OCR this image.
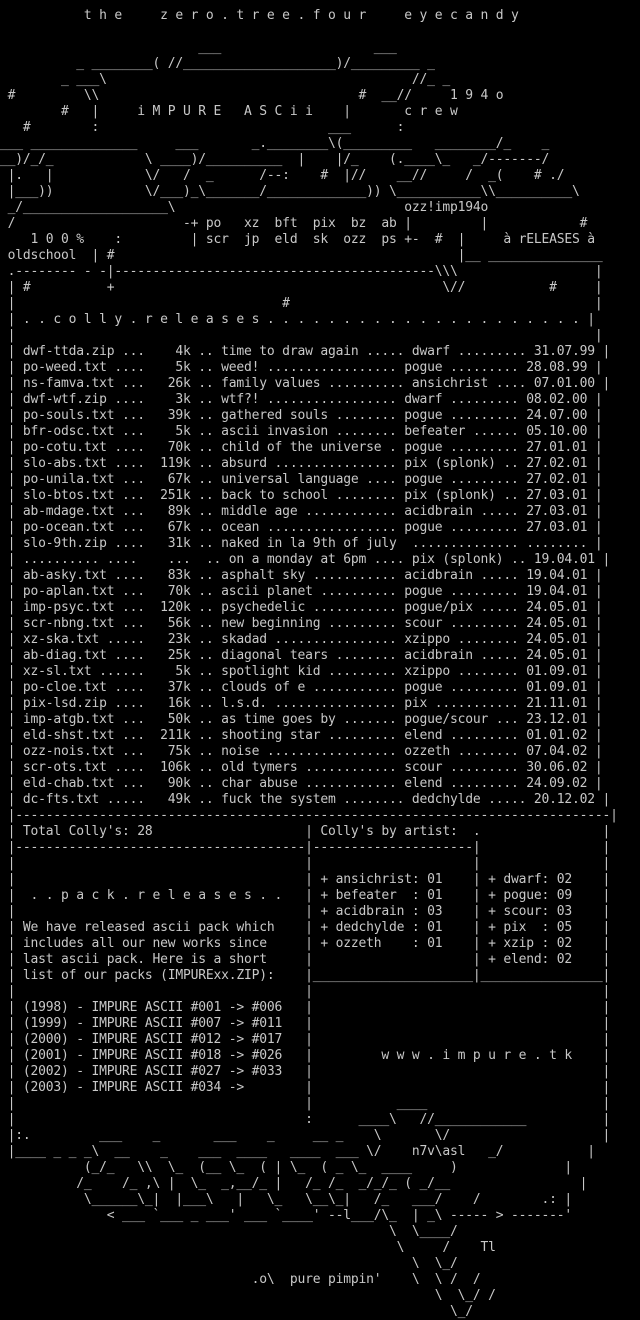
t h e     z e r o . t r e e . f o u r     e y e c a n d y
___                    ___
_ ________( //____________________)/_________ _
_ ___\                                        //_ _
#         \\                                  #  __//     1 9 4 o
#   |     i M P U R E   A S C i i    |       c r e w
#        :                              ___      :
___ ______________     ___       _.________\(_________   ________/_    _
__)/_/_            \ ____)/__________  |    |/_    (.____\_   _/-------/
|.   |            \/   /  _      /--:    #  |//    __//     /  _(    # ./
|___))            \/___)_\_______/_____________)) \___________\\__________\
_/___________________\                              ozz!imp194o
/                      -+ po   xz  bft  pix  bz  ab |         |            #
1 0 0 %    :         | scr  jp  eld  sk  ozz  ps +-  #  |     à rELEASES à
oldschool  | #                                             |__ _______________
.-------- - -|------------------------------------------\\\                  |
| #          +                                           \//           #     |
|                                   #                                        |
| . . c o l l y . r e l e a s e s . . . . . . . . . . . . . . . . . . . . . |
|                                                                            |
| dwf-ttda.zip ...    4k .. time to draw again ..... dwarf ......... 31.07.99 |
| po-weed.txt ....    5k .. weed! ................. pogue ......... 28.08.99 |
| ns-famva.txt ...   26k .. family values .......... ansichrist .... 07.01.00 |
| dwf-wtf.zip ....    3k .. wtf?! ................. dwarf ......... 08.02.00 |
| po-souls.txt ...   39k .. gathered souls ........ pogue ......... 24.07.00 |
| bfr-odsc.txt ...    5k .. ascii invasion ........ befeater ...... 05.10.00 |
| po-cotu.txt ....   70k .. child of the universe . pogue ......... 27.01.01 |
| slo-abs.txt ....  119k .. absurd ................ pix (splonk) .. 27.02.01 |
| po-unila.txt ...   67k .. universal language .... pogue ......... 27.02.01 |
| slo-btos.txt ...  251k .. back to school ........ pix (splonk) .. 27.03.01 |
| ab-mdage.txt ...   89k .. middle age ............ acidbrain ..... 27.03.01 |
| po-ocean.txt ...   67k .. ocean ................. pogue ......... 27.03.01 |
| slo-9th.zip ....   31k .. naked in la 9th of july  .............. ........ |
| .......... ....    ...  .. on a monday at 6pm .... pix (splonk) .. 19.04.01 |
| ab-asky.txt ....   83k .. asphalt sky ........... acidbrain ..... 19.04.01 |
| po-aplan.txt ...   70k .. ascii planet .......... pogue ......... 19.04.01 |
| imp-psyc.txt ...  120k .. psychedelic ........... pogue/pix ..... 24.05.01 |
| scr-nbng.txt ...   56k .. new beginning ......... scour ......... 24.05.01 |
| xz-ska.txt .....   23k .. skadad ................ xzippo ........ 24.05.01 |
| ab-diag.txt ....   25k .. diagonal tears ........ acidbrain ..... 24.05.01 |
| xz-sl.txt ......    5k .. spotlight kid ......... xzippo ........ 01.09.01 |
| po-cloe.txt ....   37k .. clouds of e ........... pogue ......... 01.09.01 |
| pix-lsd.zip ....   16k .. l.s.d. ................ pix ........... 21.11.01 |
| imp-atgb.txt ...   50k .. as time goes by ....... pogue/scour ... 23.12.01 |
| eld-shst.txt ...  211k .. shooting star ......... elend ......... 01.01.02 |
| ozz-nois.txt ...   75k .. noise ................. ozzeth ........ 07.04.02 |
| scr-ots.txt ....  106k .. old tymers ............ scour ......... 30.06.02 |
| eld-chab.txt ...   90k .. char abuse ............ elend ......... 24.09.02 |
| dc-fts.txt .....   49k .. fuck the system ........ dedchylde ..... 20.12.02 |
|------------------------------------------------------------------------------|
| Total Colly's: 28                    | Colly's by artist:  .                |
|--------------------------------------|---------------------|                |
|                                      |                     |                |
|                                      | + ansichrist: 01    | + dwarf: 02    |
|  . . p a c k . r e l e a s e s . .   | + befeater  : 01    | + pogue: 09    |
|                                      | + acidbrain : 03    | + scour: 03    |
| We have released ascii pack which    | + dedchylde : 01    | + pix  : 05    |
| includes all our new works since     | + ozzeth    : 01    | + xzip : 02    |
| last ascii pack. Here is a short     |                     | + elend: 02    |
| list of our packs (IMPURExx.ZIP):    |_____________________|________________|
|                                      |                                      |
| (1998) - IMPURE ASCII #001 -> #006   |                                      |
| (1999) - IMPURE ASCII #007 -> #011   |                                      |
| (2000) - IMPURE ASCII #012 -> #017   |                                      |
| (2001) - IMPURE ASCII #018 -> #026   |         w w w . i m p u r e . t k    |
| (2002) - IMPURE ASCII #027 -> #033   |                                      |
| (2003) - IMPURE ASCII #034 ->        |                                      |
|                                      |           ____                       |
|                                      :      ____\   //____________          |
|:.         ___    _       ___    _     __ _    \       \/                    |
|____ _ _ _\  __    _    ___  ____   ____  ___ \/    n7v\asl   _/           |
(_/_   \\  \_  (__ \_  ( | \_  ( _ \_  ____     )              |
/_    /_ ,\ |  \_  _,__/_ |   /_ /_  _/_/_ ( _/__                 |
\______\_|  |___\   |   \_   \__\_|   /_   ___/    /        .: |
< ___ `___ _ ___' ___ `____' --l___/\_  | _\ ----- > -------'
\  \____/
\     /    Tl
\  \_/
.o\  pure pimpin'    \  \ /  /
\  \_/ /
\_/
